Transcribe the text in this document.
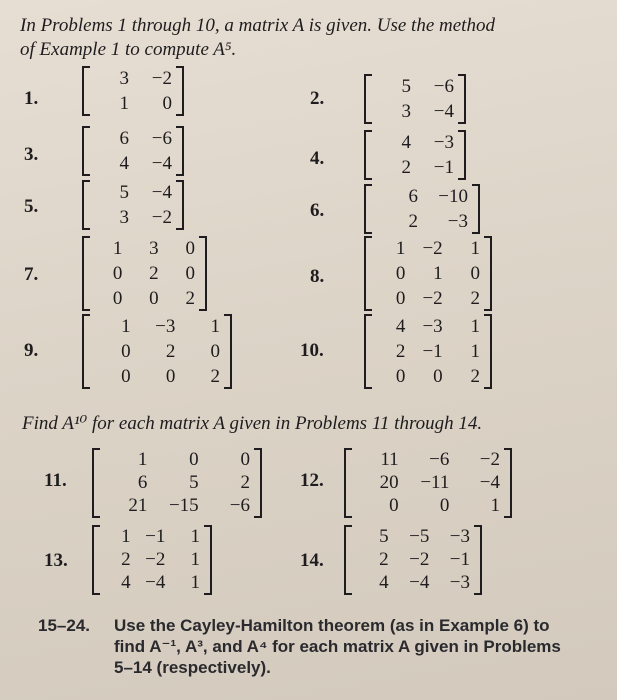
In Problems 1 through 10, a matrix A is given. Use the method
of Example 1 to compute A⁵.
Find A¹⁰ for each matrix A given in Problems 11 through 14.
1.
3	−2
1	0	2.
5	−6
3	−4
3.
6	−6
4	−4	4.
4	−3
2	−1
5.
5	−4
3	−2	6.
6	−10
2	−3
7.
1	3	0
0	2	0
0	0	2
8.
1 −2	1
0	1	0
0 −2	2
9.
1	−3	1
0	2	0
0	0	2
10.
4 −3	1
2 −1	1
0	0	2
11.
1	0	0
6	5	2
21	−15	−6
12.
11	−6	−2
20	−11	−4
0	0	1
13.
1 −1	1
2 −2	1
4 −4	1
14.
5	−5	−3
2	−2	−1
4	−4	−3
15–24. Use the Cayley-Hamilton theorem (as in Example 6) to find A⁻¹, A³, and A⁴ for each matrix A given in Problems 5–14 (respectively).
